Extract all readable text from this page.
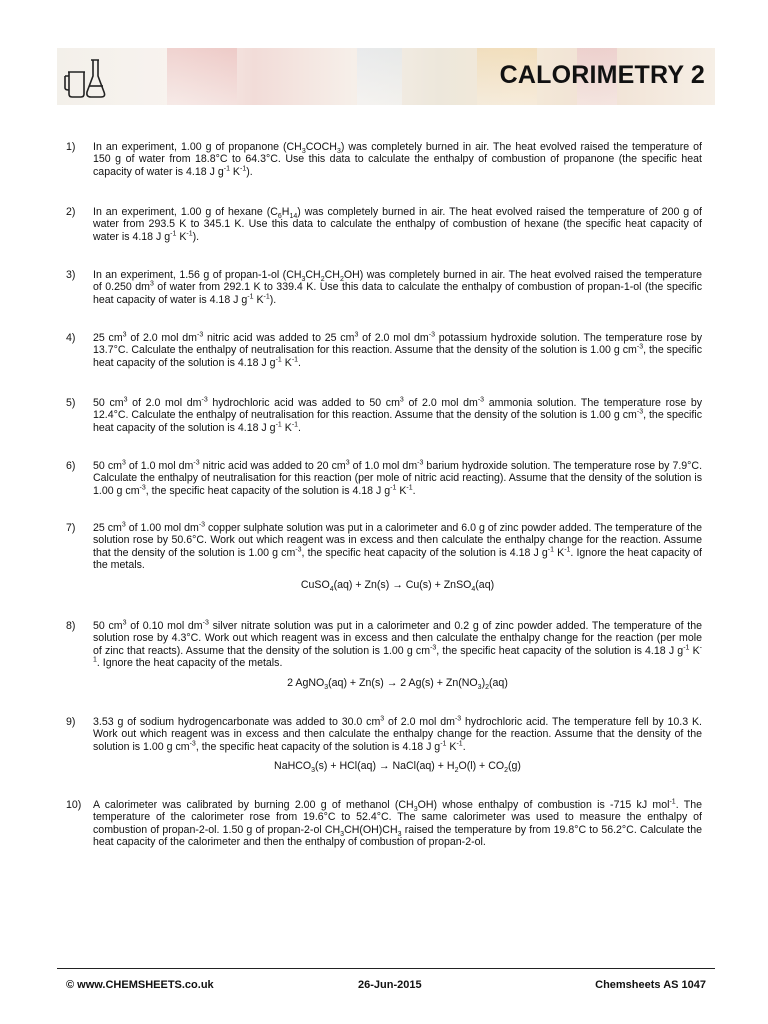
CALORIMETRY 2
1) In an experiment, 1.00 g of propanone $(CH_3COCH_3)$ was completely burned in air. The heat evolved raised the temperature of 150 g of water from 18.8°C to 64.3°C. Use this data to calculate the enthalpy of combustion of propanone (the specific heat capacity of water is 4.18 J $g^{-1}$ $K^{-1}$).
2) In an experiment, 1.00 g of hexane $(C_6H_{14})$ was completely burned in air. The heat evolved raised the temperature of 200 g of water from 293.5 K to 345.1 K. Use this data to calculate the enthalpy of combustion of hexane (the specific heat capacity of water is 4.18 J $g^{-1}$ $K^{-1}$).
3) In an experiment, 1.56 g of propan-1-ol $(CH_3CH_2CH_2OH)$ was completely burned in air. The heat evolved raised the temperature of 0.250 $dm^3$ of water from 292.1 K to 339.4 K. Use this data to calculate the enthalpy of combustion of propan-1-ol (the specific heat capacity of water is 4.18 J $g^{-1}$ $K^{-1}$).
4) 25 $cm^3$ of 2.0 mol $dm^{-3}$ nitric acid was added to 25 $cm^3$ of 2.0 mol $dm^{-3}$ potassium hydroxide solution. The temperature rose by 13.7°C. Calculate the enthalpy of neutralisation for this reaction. Assume that the density of the solution is 1.00 g $cm^{-3}$, the specific heat capacity of the solution is 4.18 J $g^{-1}$ $K^{-1}$.
5) 50 $cm^3$ of 2.0 mol $dm^{-3}$ hydrochloric acid was added to 50 $cm^3$ of 2.0 mol $dm^{-3}$ ammonia solution. The temperature rose by 12.4°C. Calculate the enthalpy of neutralisation for this reaction. Assume that the density of the solution is 1.00 g $cm^{-3}$, the specific heat capacity of the solution is 4.18 J $g^{-1}$ $K^{-1}$.
6) 50 $cm^3$ of 1.0 mol $dm^{-3}$ nitric acid was added to 20 $cm^3$ of 1.0 mol $dm^{-3}$ barium hydroxide solution. The temperature rose by 7.9°C. Calculate the enthalpy of neutralisation for this reaction (per mole of nitric acid reacting). Assume that the density of the solution is 1.00 g $cm^{-3}$, the specific heat capacity of the solution is 4.18 J $g^{-1}$ $K^{-1}$.
7) 25 $cm^3$ of 1.00 mol $dm^{-3}$ copper sulphate solution was put in a calorimeter and 6.0 g of zinc powder added. The temperature of the solution rose by 50.6°C. Work out which reagent was in excess and then calculate the enthalpy change for the reaction. Assume that the density of the solution is 1.00 g $cm^{-3}$, the specific heat capacity of the solution is 4.18 J $g^{-1}$ $K^{-1}$. Ignore the heat capacity of the metals.
CuSO$_4$(aq) + Zn(s) → Cu(s) + ZnSO$_4$(aq)
8) 50 $cm^3$ of 0.10 mol $dm^{-3}$ silver nitrate solution was put in a calorimeter and 0.2 g of zinc powder added. The temperature of the solution rose by 4.3°C. Work out which reagent was in excess and then calculate the enthalpy change for the reaction (per mole of zinc that reacts). Assume that the density of the solution is 1.00 g $cm^{-3}$, the specific heat capacity of the solution is 4.18 J $g^{-1}$ $K^{-1}$. Ignore the heat capacity of the metals.
2 AgNO$_3$(aq) + Zn(s) → 2 $Ag(s) + Zn(NO_3)_2(aq)$
9) 3.53 g of sodium hydrogencarbonate was added to 30.0 $cm^3$ of 2.0 mol $dm^{-3}$ hydrochloric acid. The temperature fell by 10.3 K. Work out which reagent was in excess and then calculate the enthalpy change for the reaction. Assume that the density of the solution is 1.00 g $cm^{-3}$, the specific heat capacity of the solution is 4.18 J $g^{-1}$ $K^{-1}$.
NaHCO$_3$(s) + HCl(aq) → NaCl(aq) + $H_2O(l) + CO_2(g)$
10) A calorimeter was calibrated by burning 2.00 g of methanol $(CH_3OH)$ whose enthalpy of combustion is -715 kJ mol$^{-1}$. The temperature of the calorimeter rose from 19.6°C to 52.4°C. The same calorimeter was used to measure the enthalpy of combustion of propan-2-ol. 1.50 g of propan-2-ol $CH_3CH(OH)CH_3$ raised the temperature by from 19.8°C to 56.2°C. Calculate the heat capacity of the calorimeter and then the enthalpy of combustion of propan-2-ol.
© www.CHEMSHEETS.co.uk	26-Jun-2015	Chemsheets AS 1047
